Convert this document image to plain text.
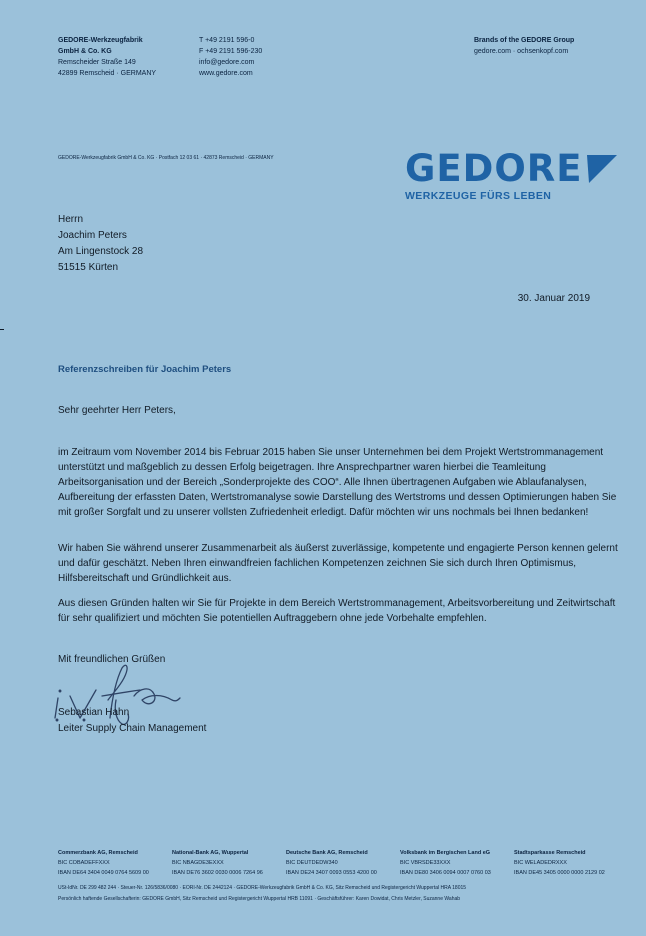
GEDORE-Werkzeugfabrik
GmbH & Co. KG
Remscheider Straße 149
42899 Remscheid · GERMANY
T +49 2191 596-0
F +49 2191 596-230
info@gedore.com
www.gedore.com
Brands of the GEDORE Group
gedore.com · ochsenkopf.com
GEDORE-Werkzeugfabrik GmbH & Co. KG · Postfach 12 03 61 · 42873 Remscheid · GERMANY	GEDORE
WERKZEUGE FÜRS LEBEN
Herrn
Joachim Peters
Am Lingenstock 28
51515 Kürten
30. Januar 2019
Referenzschreiben für Joachim Peters
Sehr geehrter Herr Peters,

im Zeitraum vom November 2014 bis Februar 2015 haben Sie unser Unternehmen bei dem Projekt Wertstrommanagement unterstützt und maßgeblich zu dessen Erfolg beigetragen. Ihre Ansprechpartner waren hierbei die Teamleitung Arbeitsorganisation und der Bereich „Sonderprojekte des COO“. Alle Ihnen übertragenen Aufgaben wie Ablaufanalysen, Aufbereitung der erfassten Daten, Wertstromanalyse sowie Darstellung des Wertstroms und dessen Optimierungen haben Sie mit großer Sorgfalt und zu unserer vollsten Zufriedenheit erledigt. Dafür möchten wir uns nochmals bei Ihnen bedanken!

Wir haben Sie während unserer Zusammenarbeit als äußerst zuverlässige, kompetente und engagierte Person kennen gelernt und dafür geschätzt. Neben Ihren einwandfreien fachlichen Kompetenzen zeichnen Sie sich durch Ihren Optimismus, Hilfsbereitschaft und Gründlichkeit aus.

Aus diesen Gründen halten wir Sie für Projekte in dem Bereich Wertstrommanagement, Arbeitsvorbereitung und Zeitwirtschaft für sehr qualifiziert und möchten Sie potentiellen Auftraggebern ohne jede Vorbehalte empfehlen.

Mit freundlichen Grüßen
Sebastian Hahn
Leiter Supply Chain Management
Commerzbank AG, Remscheid
BIC COBADEFFXXX
IBAN DE64 3404 0049 0764 5609 00
National-Bank AG, Wuppertal
BIC NBAGDE3EXXX
IBAN DE76 3602 0030 0006 7264 96
Deutsche Bank AG, Remscheid
BIC DEUTDEDW340
IBAN DE24 3407 0093 0553 4200 00
Volksbank im Bergischen Land eG
BIC VBRSDE33XXX
IBAN DE80 3406 0094 0007 0760 03
Stadtsparkasse Remscheid
BIC WELADEDRXXX
IBAN DE45 3405 0000 0000 2129 02
USt-IdNr. DE 299 482 244 · Steuer-Nr. 126/5836/0080 · EORI-Nr. DE 2442124 · GEDORE-Werkzeugfabrik GmbH & Co. KG, Sitz Remscheid und Registergericht Wuppertal HRA 18015
Persönlich haftende Gesellschafterin: GEDORE GmbH, Sitz Remscheid und Registergericht Wuppertal HRB 11091 · Geschäftsführer: Karen Dowidat, Chris Metzler, Suzanne Wahab
